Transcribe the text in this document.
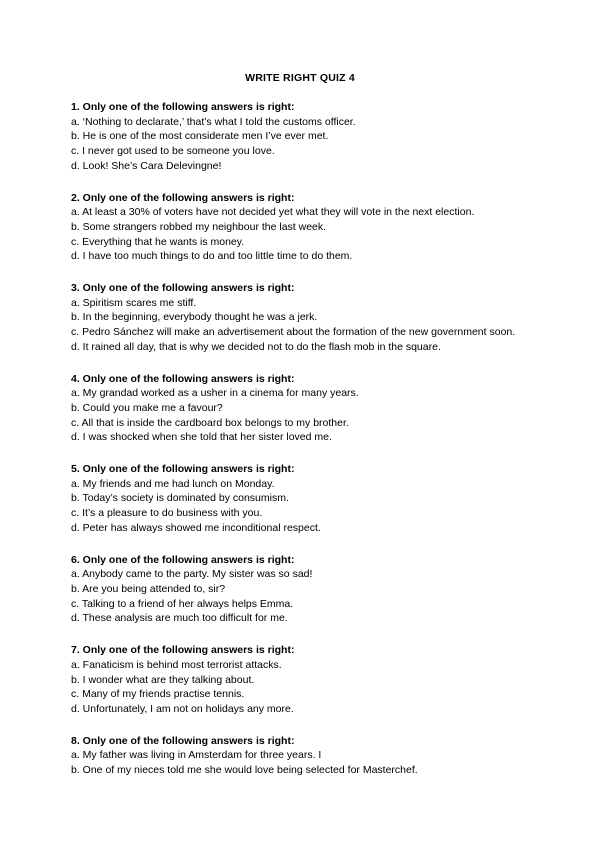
WRITE RIGHT QUIZ 4
1. Only one of the following answers is right:
a. ‘Nothing to declarate,’ that’s what I told the customs officer.
b. He is one of the most considerate men I’ve ever met.
c. I never got used to be someone you love.
d. Look! She’s Cara Delevingne!
2. Only one of the following answers is right:
a. At least a 30% of voters have not decided yet what they will vote in the next election.
b. Some strangers robbed my neighbour the last week.
c. Everything that he wants is money.
d. I have too much things to do and too little time to do them.
3. Only one of the following answers is right:
a. Spiritism scares me stiff.
b. In the beginning, everybody thought he was a jerk.
c. Pedro Sánchez will make an advertisement about the formation of the new government soon.
d. It rained all day, that is why we decided not to do the flash mob in the square.
4. Only one of the following answers is right:
a. My grandad worked as a usher in a cinema for many years.
b. Could you make me a favour?
c. All that is inside the cardboard box belongs to my brother.
d. I was shocked when she told that her sister loved me.
5. Only one of the following answers is right:
a. My friends and me had lunch on Monday.
b. Today’s society is dominated by consumism.
c. It’s a pleasure to do business with you.
d. Peter has always showed me inconditional respect.
6. Only one of the following answers is right:
a. Anybody came to the party. My sister was so sad!
b. Are you being attended to, sir?
c. Talking to a friend of her always helps Emma.
d. These analysis are much too difficult for me.
7. Only one of the following answers is right:
a. Fanaticism is behind most terrorist attacks.
b. I wonder what are they talking about.
c. Many of my friends practise tennis.
d. Unfortunately, I am not on holidays any more.
8. Only one of the following answers is right:
a. My father was living in Amsterdam for three years. I
b. One of my nieces told me she would love being selected for Masterchef.
